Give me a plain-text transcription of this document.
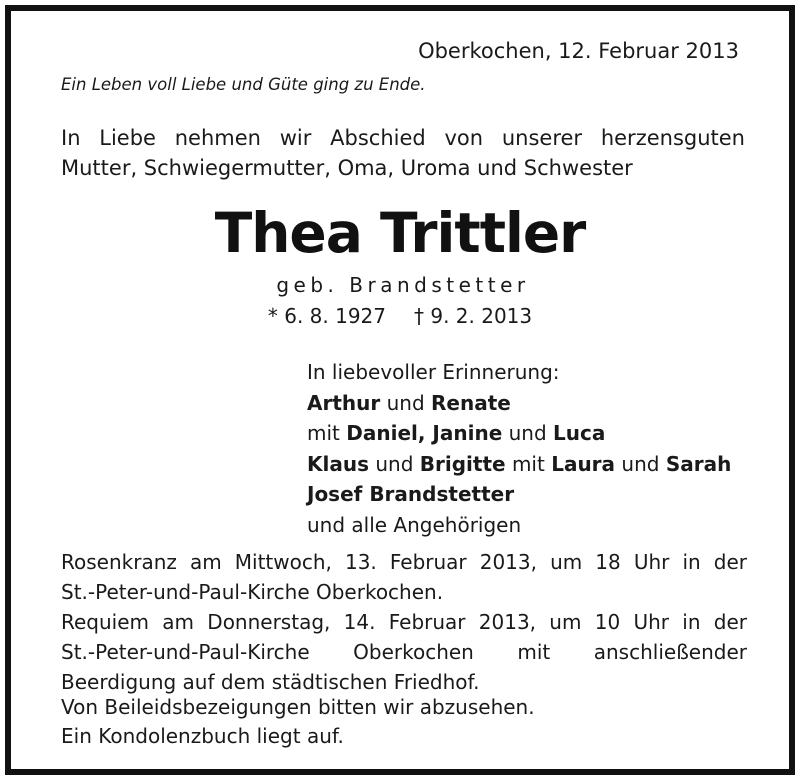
Oberkochen, 12. Februar 2013

Ein Leben voll Liebe und Güte ging zu Ende.

In Liebe nehmen wir Abschied von unserer herzensguten
Mutter, Schwiegermutter, Oma, Uroma und Schwester
Thea Trittler

geb. Brandstetter

* 6. 8. 1927 † 9. 2. 2013

In liebevoller Erinnerung:
Arthur und Renate
mit Daniel, Janine und Luca
Klaus und Brigitte mit Laura und Sarah
Josef Brandstetter
und alle Angehörigen
Rosenkranz am Mittwoch, 13. Februar 2013, um 18 Uhr in der
St.-Peter-und-Paul-Kirche Oberkochen.
Requiem am Donnerstag, 14. Februar 2013, um 10 Uhr in der
St.-Peter-und-Paul-Kirche Oberkochen mit anschließender
Beerdigung auf dem städtischen Friedhof.
Von Beileidsbezeigungen bitten wir abzusehen.
Ein Kondolenzbuch liegt auf.
